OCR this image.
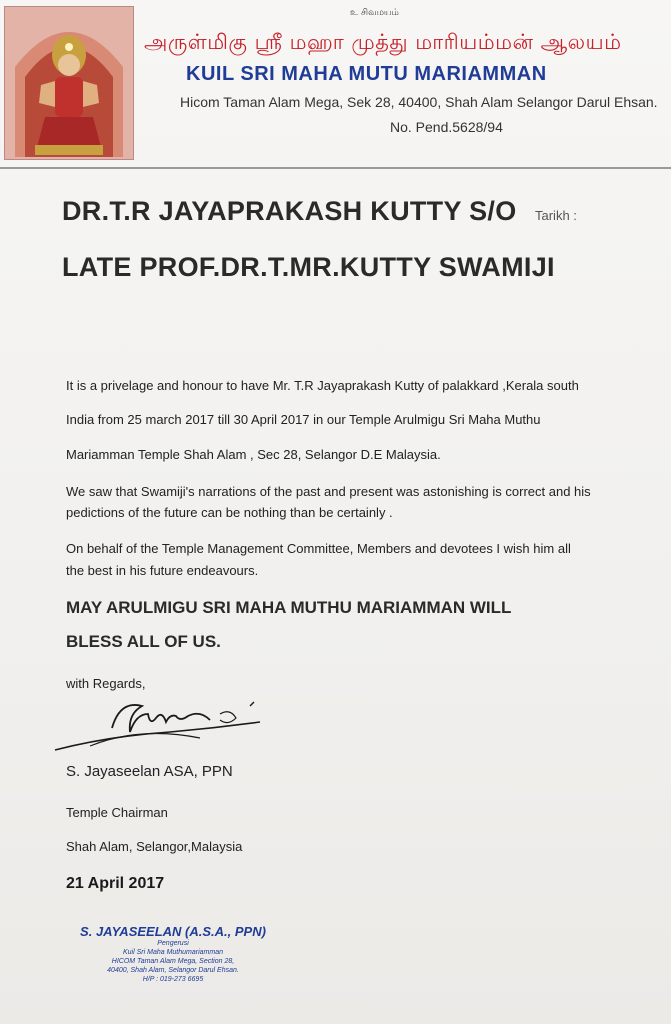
உ சிவமயம்
அருள்மிகு ஸ்ரீ மஹா முத்து மாரியம்மன் ஆலயம்
KUIL SRI MAHA MUTU MARIAMMAN
Hicom Taman Alam Mega, Sek 28, 40400, Shah Alam Selangor Darul Ehsan.
No. Pend.5628/94
DR.T.R JAYAPRAKASH KUTTY S/O Tarikh :
LATE PROF.DR.T.MR.KUTTY SWAMIJI
It is a privelage and honour to have Mr. T.R Jayaprakash Kutty of palakkard ,Kerala south
India from 25 march 2017 till 30 April 2017 in our Temple Arulmigu Sri Maha Muthu
Mariamman Temple Shah Alam , Sec 28, Selangor D.E Malaysia.
We saw that Swamiji's narrations of the past and present was astonishing is correct and his
pedictions of the future can be nothing than be certainly .
On behalf of the Temple Management Committee, Members and devotees I wish him all
the best in his future endeavours.
MAY ARULMIGU SRI MAHA MUTHU MARIAMMAN WILL
BLESS ALL OF US.
with Regards,
S. Jayaseelan ASA, PPN
Temple Chairman
Shah Alam, Selangor,Malaysia
21 April 2017
S. JAYASEELAN (A.S.A., PPN)
Pengerusi
Kuil Sri Maha Muthumariamman
HICOM Taman Alam Mega, Section 28,
40400, Shah Alam, Selangor Darul Ehsan.
H/P : 019-273 6695
